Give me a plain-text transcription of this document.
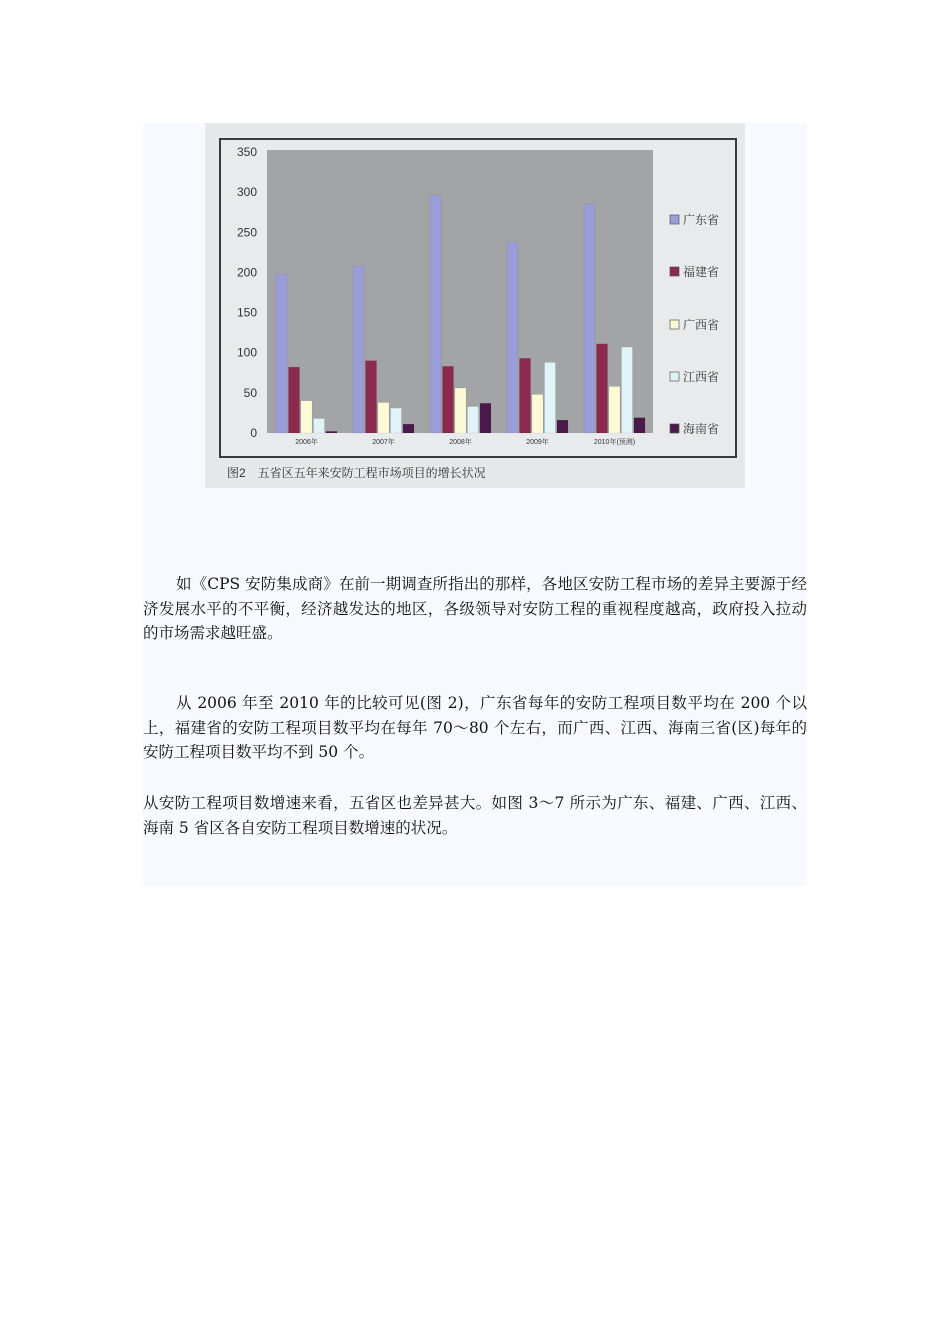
0
50
100
150
200
250
300
350
2006年	2007年	2008年	2009年	2010年(预测)
广东省
福建省
广西省
江西省
海南省
图2　五省区五年来安防工程市场项目的增长状况

如《CPS 安防集成商》在前一期调查所指出的那样，各地区安防工程市场的差异主要源于经济发展水平的不平衡，经济越发达的地区，各级领导对安防工程的重视程度越高，政府投入拉动的市场需求越旺盛。

从 2006 年至 2010 年的比较可见(图 2)，广东省每年的安防工程项目数平均在 200 个以上，福建省的安防工程项目数平均在每年 70～80 个左右，而广西、江西、海南三省(区)每年的安防工程项目数平均不到 50 个。

从安防工程项目数增速来看，五省区也差异甚大。如图 3～7 所示为广东、福建、广西、江西、海南 5 省区各自安防工程项目数增速的状况。
